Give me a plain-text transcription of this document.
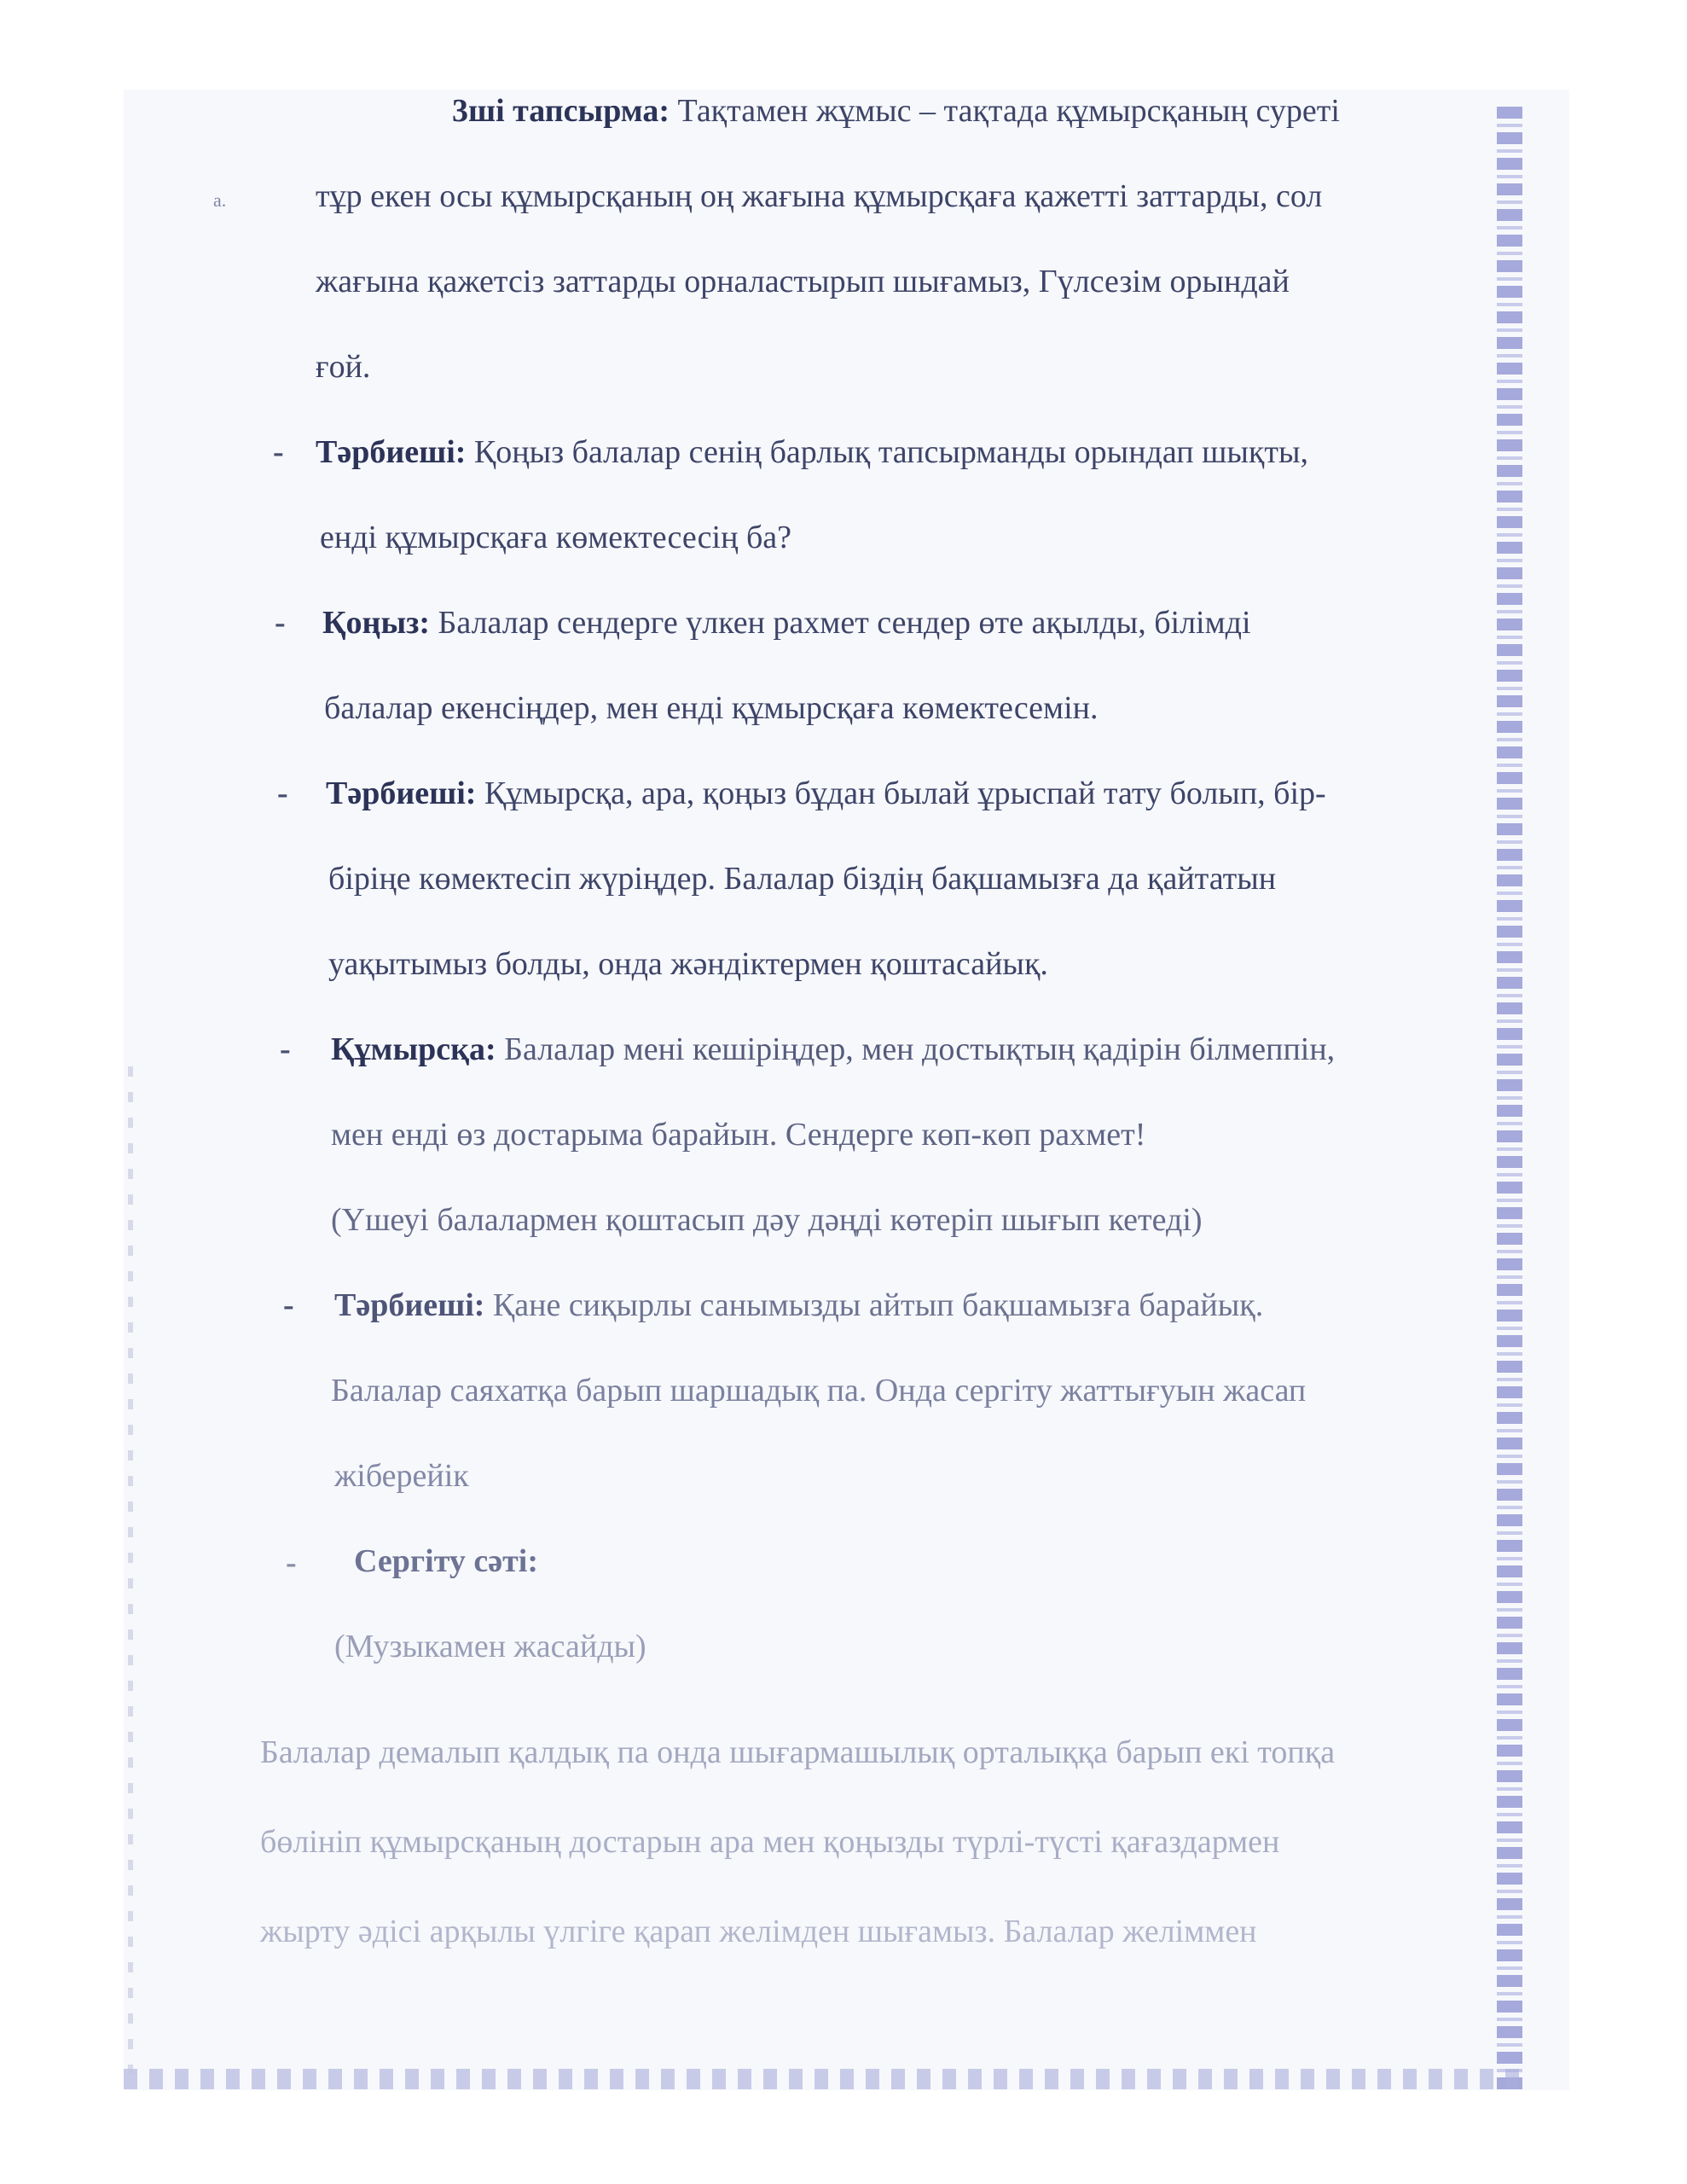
a.
3ші тапсырма: Тақтамен жұмыс – тақтада құмырсқаның суреті
тұр екен осы құмырсқаның оң жағына құмырсқаға қажетті заттарды, сол
жағына қажетсіз заттарды орналастырып шығамыз, Гүлсезім орындай
ғой.
- Тәрбиеші: Қоңыз балалар сенің барлық тапсырманды орындап шықты,
енді құмырсқаға көмектесесің ба?
- Қоңыз: Балалар сендерге үлкен рахмет сендер өте ақылды, білімді
балалар екенсіңдер, мен енді құмырсқаға көмектесемін.
- Тәрбиеші: Құмырсқа, ара, қоңыз бұдан былай ұрыспай тату болып, бір-
біріңе көмектесіп жүріңдер. Балалар біздің бақшамызға да қайтатын
уақытымыз болды, онда жәндіктермен қоштасайық.
- Құмырсқа: Балалар мені кешіріңдер, мен достықтың қадірін білмеппін,
мен енді өз достарыма барайын. Сендерге көп-көп рахмет!
(Үшеуі балалармен қоштасып дәу дәңді көтеріп шығып кетеді)
- Тәрбиеші: Қане сиқырлы санымызды айтып бақшамызға барайық.
Балалар саяхатқа барып шаршадық па. Онда сергіту жаттығуын жасап
жіберейік
- Сергіту сәті:
(Музыкамен жасайды)
Балалар демалып қалдық па онда шығармашылық орталыққа барып екі топқа
бөлініп құмырсқаның достарын ара мен қоңызды түрлі-түсті қағаздармен
жырту әдісі арқылы үлгіге қарап желімден шығамыз. Балалар желіммен
